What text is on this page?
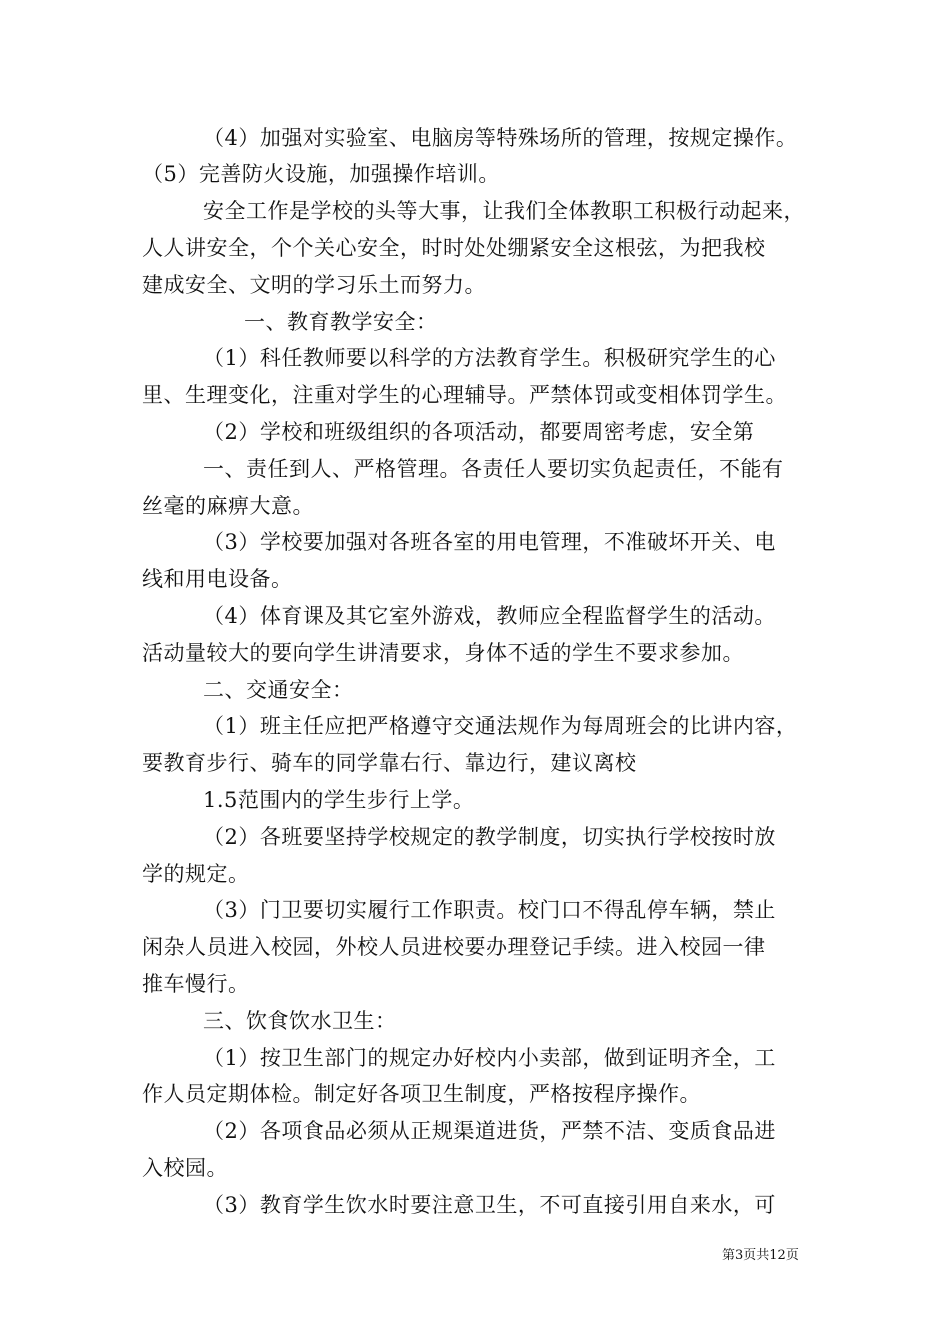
（4）加强对实验室、电脑房等特殊场所的管理，按规定操作。
（5）完善防火设施，加强操作培训。
安全工作是学校的头等大事，让我们全体教职工积极行动起来，
人人讲安全，个个关心安全，时时处处绷紧安全这根弦，为把我校
建成安全、文明的学习乐土而努力。
一、教育教学安全：
（1）科任教师要以科学的方法教育学生。积极研究学生的心
里、生理变化，注重对学生的心理辅导。严禁体罚或变相体罚学生。
（2）学校和班级组织的各项活动，都要周密考虑，安全第
一、责任到人、严格管理。各责任人要切实负起责任，不能有
丝毫的麻痹大意。
（3）学校要加强对各班各室的用电管理，不准破坏开关、电
线和用电设备。
（4）体育课及其它室外游戏，教师应全程监督学生的活动。
活动量较大的要向学生讲清要求，身体不适的学生不要求参加。
二、交通安全：
（1）班主任应把严格遵守交通法规作为每周班会的比讲内容，
要教育步行、骑车的同学靠右行、靠边行，建议离校
1.5范围内的学生步行上学。
（2）各班要坚持学校规定的教学制度，切实执行学校按时放
学的规定。
（3）门卫要切实履行工作职责。校门口不得乱停车辆，禁止
闲杂人员进入校园，外校人员进校要办理登记手续。进入校园一律
推车慢行。
三、饮食饮水卫生：
（1）按卫生部门的规定办好校内小卖部，做到证明齐全，工
作人员定期体检。制定好各项卫生制度，严格按程序操作。
（2）各项食品必须从正规渠道进货，严禁不洁、变质食品进
入校园。
（3）教育学生饮水时要注意卫生，不可直接引用自来水，可
第3页共12页
